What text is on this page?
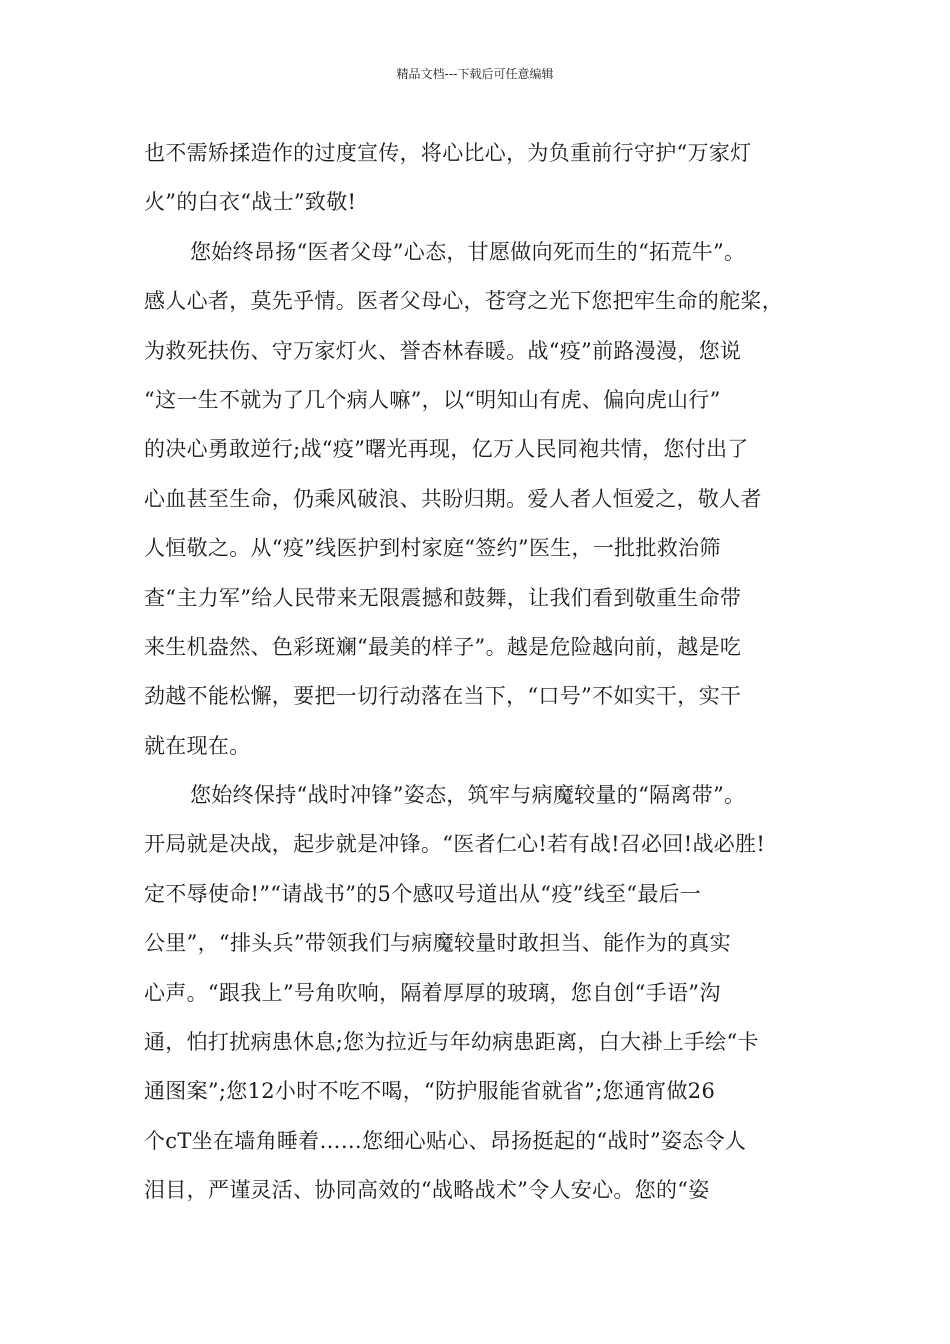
精品文档---下载后可任意编辑
也不需矫揉造作的过度宣传，将心比心，为负重前行守护“万家灯
火”的白衣“战士”致敬!
您始终昂扬“医者父母”心态，甘愿做向死而生的“拓荒牛”。
感人心者，莫先乎情。医者父母心，苍穹之光下您把牢生命的舵桨，
为救死扶伤、守万家灯火、誉杏林春暖。战“疫”前路漫漫，您说
“这一生不就为了几个病人嘛”，以“明知山有虎、偏向虎山行”
的决心勇敢逆行;战“疫”曙光再现，亿万人民同袍共情，您付出了
心血甚至生命，仍乘风破浪、共盼归期。爱人者人恒爱之，敬人者
人恒敬之。从“疫”线医护到村家庭“签约”医生，一批批救治筛
查“主力军”给人民带来无限震撼和鼓舞，让我们看到敬重生命带
来生机盎然、色彩斑斓“最美的样子”。越是危险越向前，越是吃
劲越不能松懈，要把一切行动落在当下，“口号”不如实干，实干
就在现在。
您始终保持“战时冲锋”姿态，筑牢与病魔较量的“隔离带”。
开局就是决战，起步就是冲锋。“医者仁心!若有战!召必回!战必胜!
定不辱使命!”“请战书”的5个感叹号道出从“疫”线至“最后一
公里”，“排头兵”带领我们与病魔较量时敢担当、能作为的真实
心声。“跟我上”号角吹响，隔着厚厚的玻璃，您自创“手语”沟
通，怕打扰病患休息;您为拉近与年幼病患距离，白大褂上手绘“卡
通图案”;您12小时不吃不喝，“防护服能省就省”;您通宵做26
个cT坐在墙角睡着……您细心贴心、昂扬挺起的“战时”姿态令人
泪目，严谨灵活、协同高效的“战略战术”令人安心。您的“姿
